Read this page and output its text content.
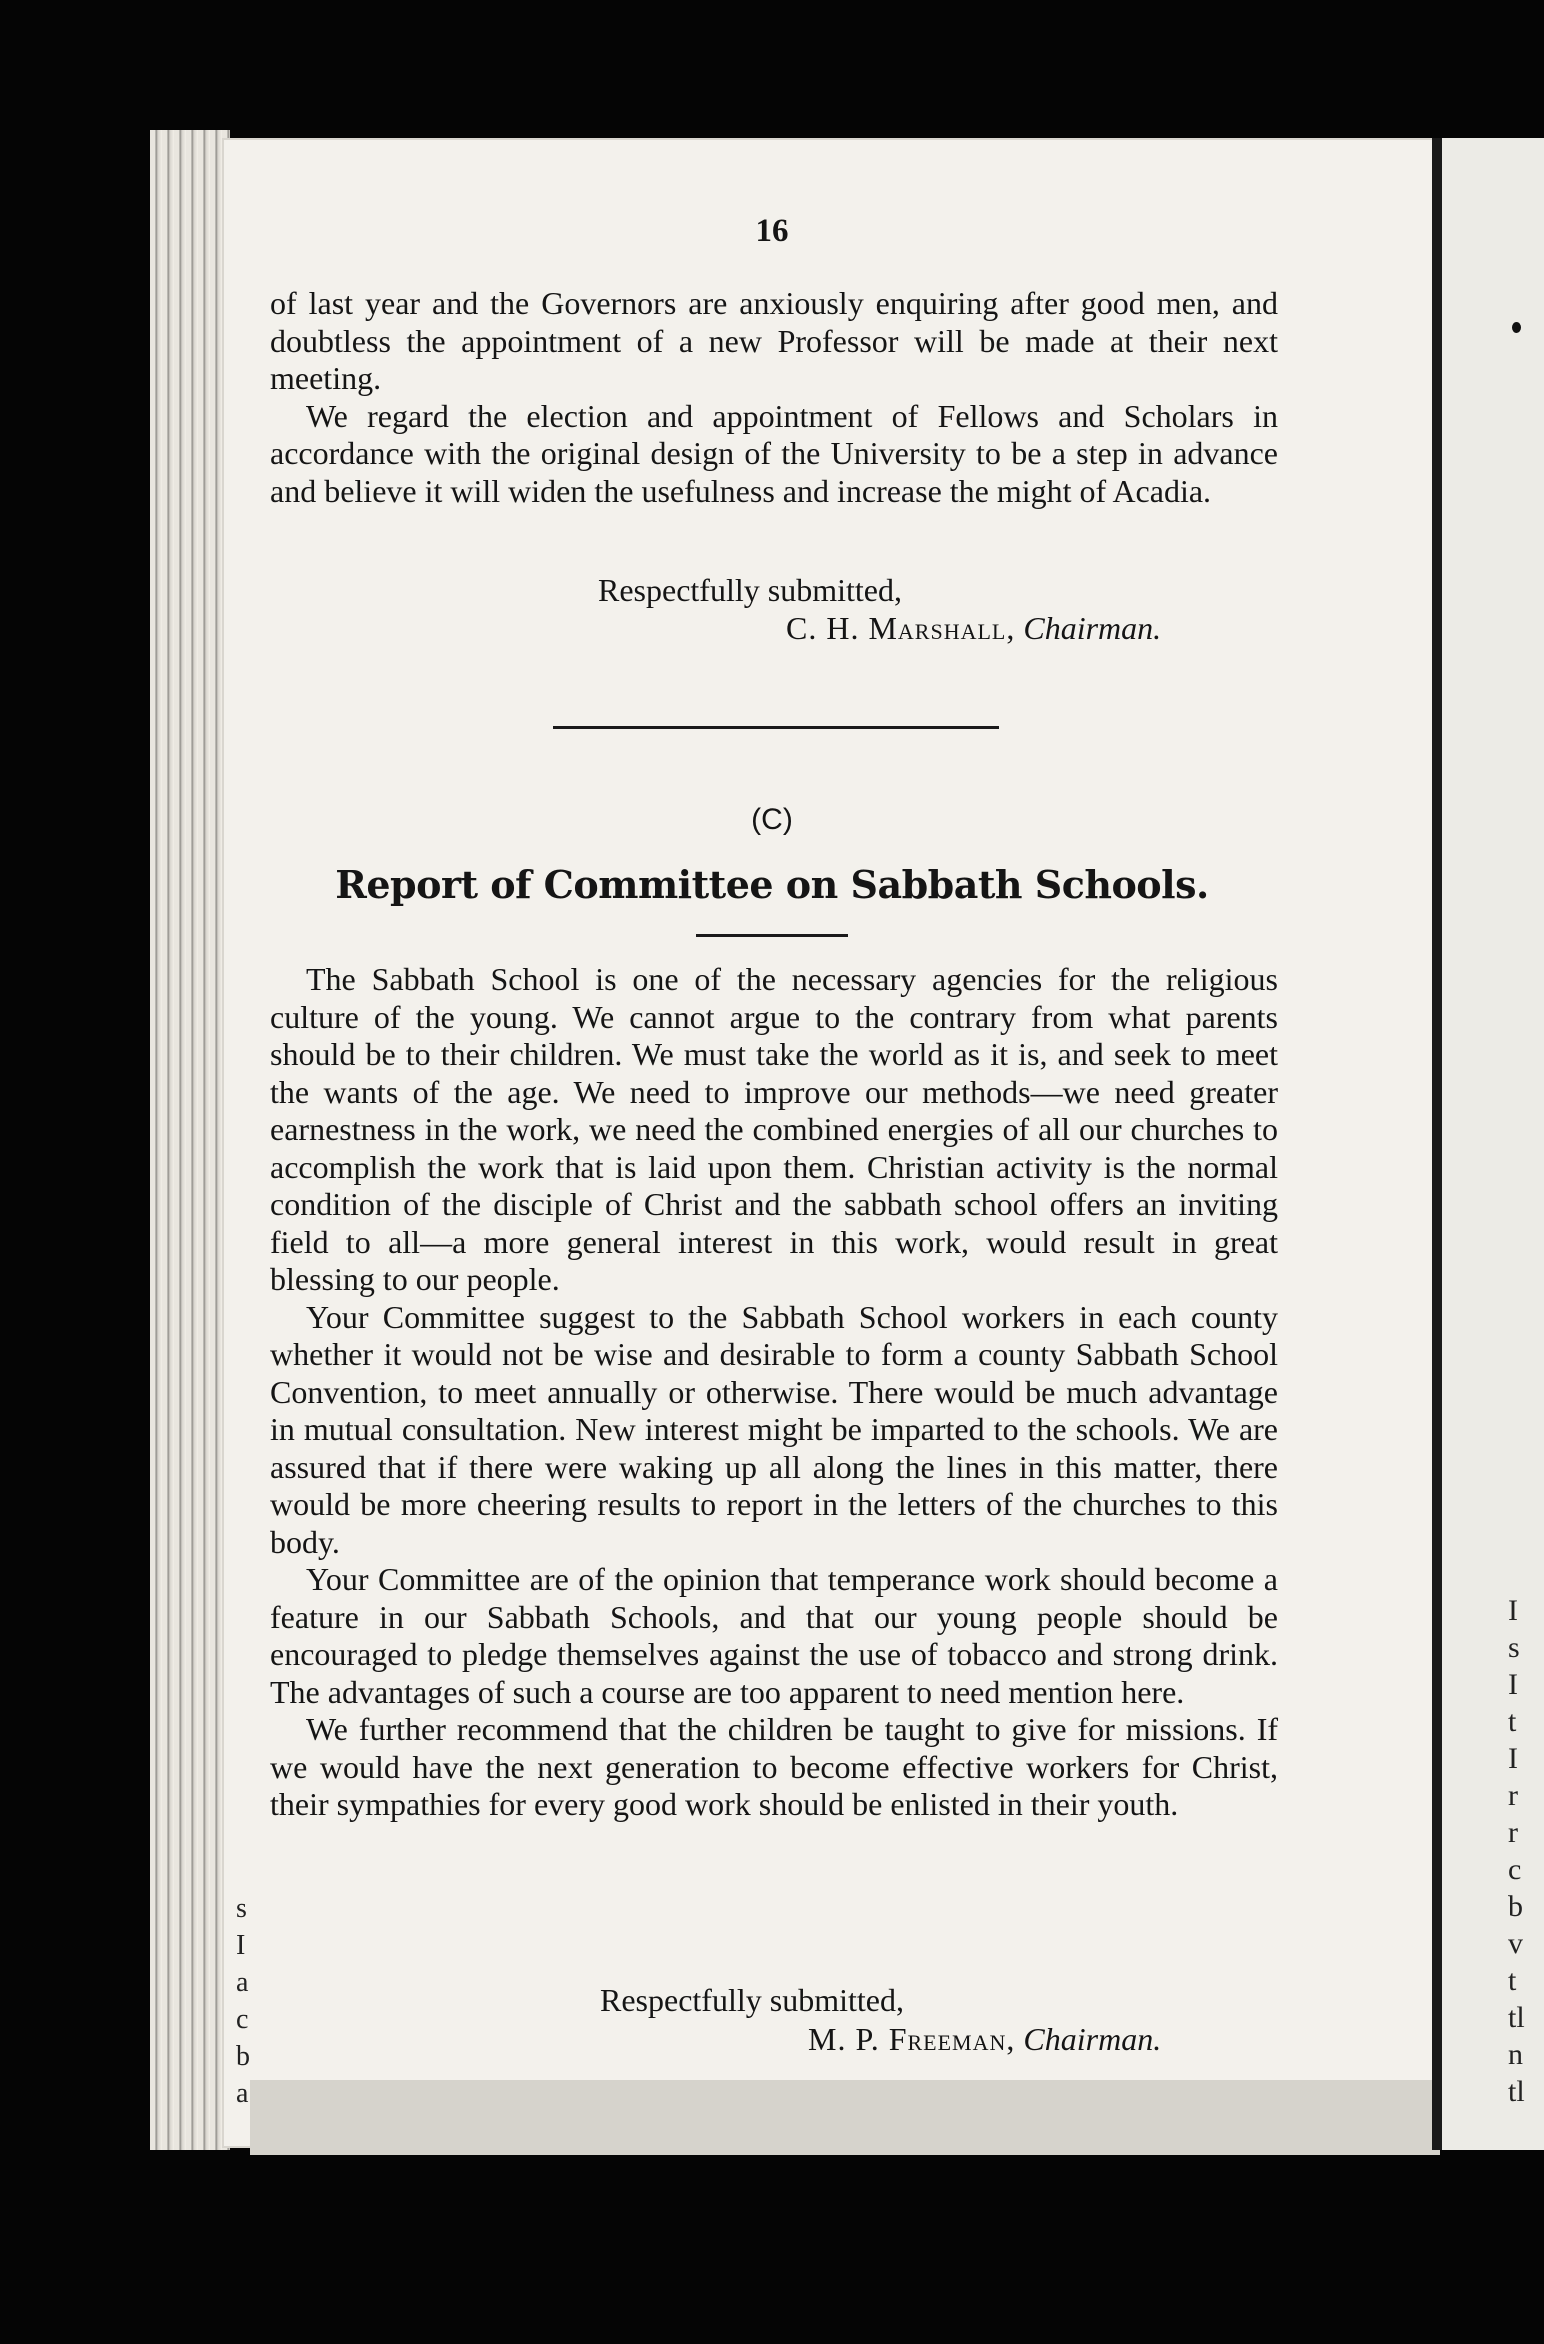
16

of last year and the Governors are anxiously enquiring after good men, and doubtless the appointment of a new Professor will be made at their next meeting.

We regard the election and appointment of Fellows and Scholars in accordance with the original design of the University to be a step in advance and believe it will widen the usefulness and increase the might of Acadia.

Respectfully submitted,
C. H. Marshall, Chairman.
(C)
Report of Committee on Sabbath Schools.

The Sabbath School is one of the necessary agencies for the religious culture of the young. We cannot argue to the contrary from what parents should be to their children. We must take the world as it is, and seek to meet the wants of the age. We need to improve our methods—we need greater earnestness in the work, we need the combined energies of all our churches to accomplish the work that is laid upon them. Christian activity is the normal condition of the disciple of Christ and the sabbath school offers an inviting field to all—a more general interest in this work, would result in great blessing to our people.

Your Committee suggest to the Sabbath School workers in each county whether it would not be wise and desirable to form a county Sabbath School Convention, to meet annually or otherwise. There would be much advantage in mutual consultation. New interest might be imparted to the schools. We are assured that if there were waking up all along the lines in this matter, there would be more cheering results to report in the letters of the churches to this body.

Your Committee are of the opinion that temperance work should become a feature in our Sabbath Schools, and that our young people should be encouraged to pledge themselves against the use of tobacco and strong drink. The advantages of such a course are too apparent to need mention here.

We further recommend that the children be taught to give for missions. If we would have the next generation to become effective workers for Christ, their sympathies for every good work should be enlisted in their youth.

Respectfully submitted,
M. P. Freeman, Chairman.
I
s
I
t
I
r
r
c
b
v
t
tl
n
tl
s
I
a
c
b
a
